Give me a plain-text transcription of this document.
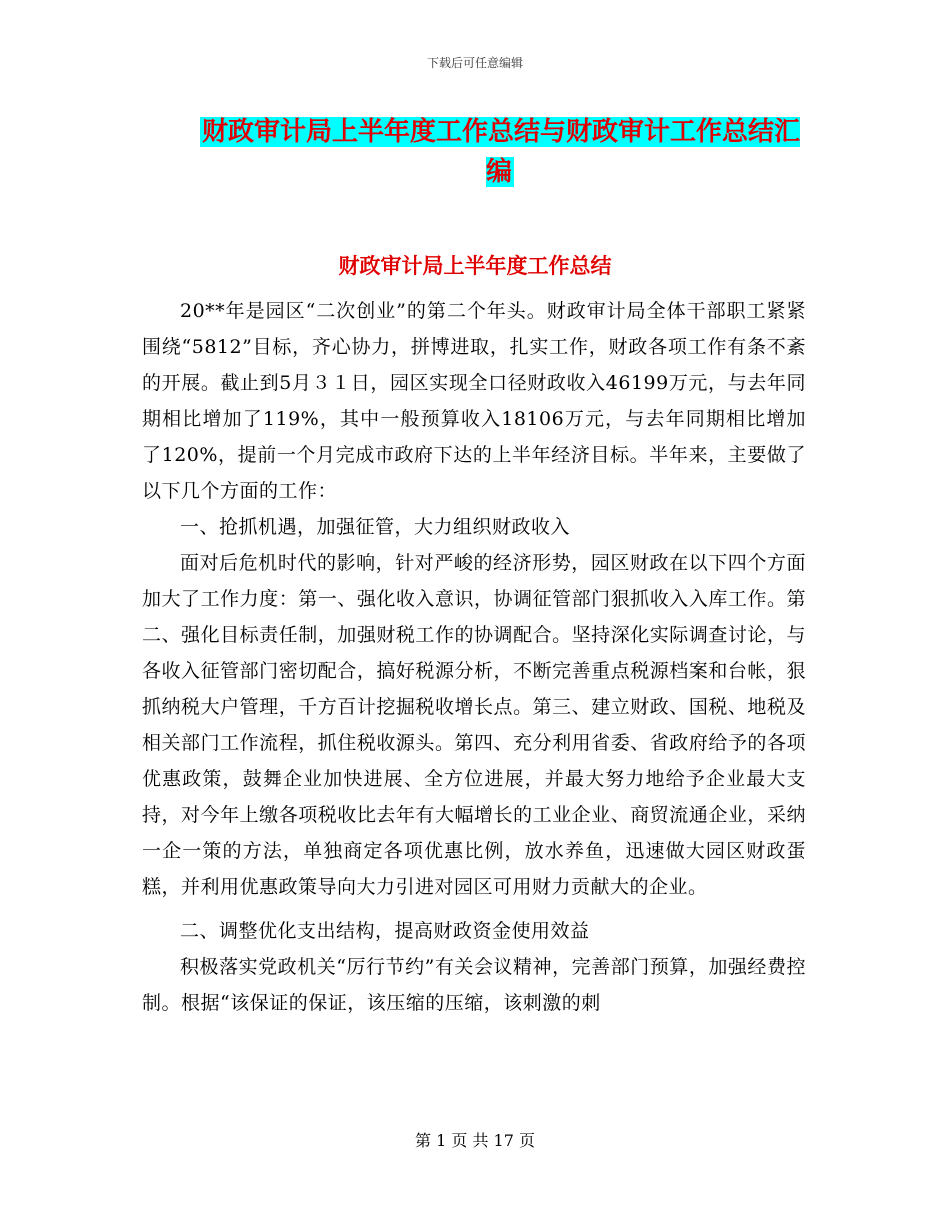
下载后可任意编辑
财政审计局上半年度工作总结与财政审计工作总结汇编
财政审计局上半年度工作总结

20**年是园区“二次创业”的第二个年头。财政审计局全体干部职工紧紧围绕“5812”目标，齐心协力，拼博进取，扎实工作，财政各项工作有条不紊的开展。截止到5月３１日，园区实现全口径财政收入46199万元，与去年同期相比增加了119%，其中一般预算收入18106万元，与去年同期相比增加了120%，提前一个月完成市政府下达的上半年经济目标。半年来，主要做了以下几个方面的工作：

一、抢抓机遇，加强征管，大力组织财政收入

面对后危机时代的影响，针对严峻的经济形势，园区财政在以下四个方面加大了工作力度：第一、强化收入意识，协调征管部门狠抓收入入库工作。第二、强化目标责任制，加强财税工作的协调配合。坚持深化实际调查讨论，与各收入征管部门密切配合，搞好税源分析，不断完善重点税源档案和台帐，狠抓纳税大户管理，千方百计挖掘税收增长点。第三、建立财政、国税、地税及相关部门工作流程，抓住税收源头。第四、充分利用省委、省政府给予的各项优惠政策，鼓舞企业加快进展、全方位进展，并最大努力地给予企业最大支持，对今年上缴各项税收比去年有大幅增长的工业企业、商贸流通企业，采纳一企一策的方法，单独商定各项优惠比例，放水养鱼，迅速做大园区财政蛋糕，并利用优惠政策导向大力引进对园区可用财力贡献大的企业。

二、调整优化支出结构，提高财政资金使用效益

积极落实党政机关“厉行节约”有关会议精神，完善部门预算，加强经费控制。根据“该保证的保证，该压缩的压缩，该刺激的刺

第 1 页 共 17 页
